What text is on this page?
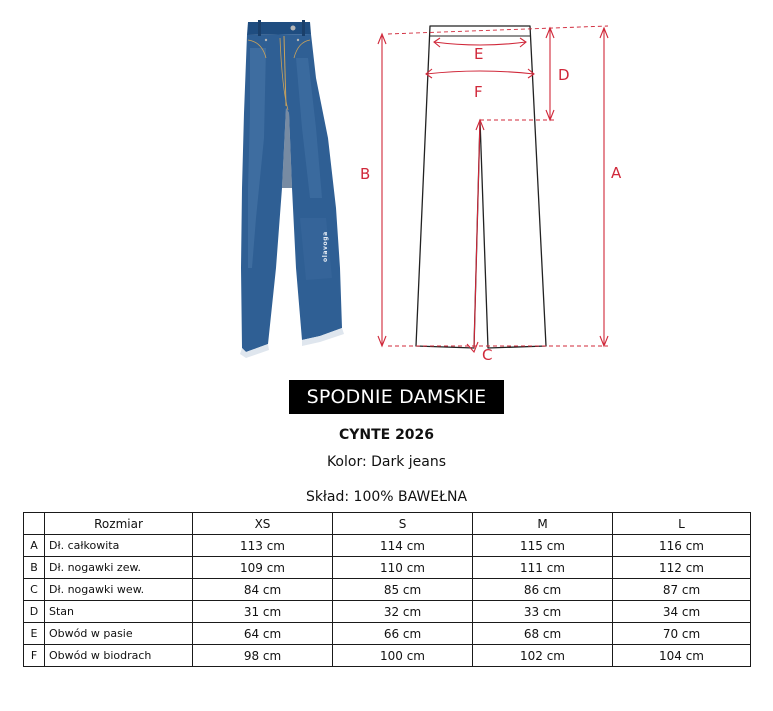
olavoga
A
B
C
D
E
F
SPODNIE DAMSKIE
CYNTE 2026
Kolor: Dark jeans
Skład: 100% BAWEŁNA
	Rozmiar	XS	S	M	L
A	Dł. całkowita	113 cm	114 cm	115 cm	116 cm
B	Dł. nogawki zew.	109 cm	110 cm	111 cm	112 cm
C	Dł. nogawki wew.	84 cm	85 cm	86 cm	87 cm
D	Stan	31 cm	32 cm	33 cm	34 cm
E	Obwód w pasie	64 cm	66 cm	68 cm	70 cm
F	Obwód w biodrach	98 cm	100 cm	102 cm	104 cm
